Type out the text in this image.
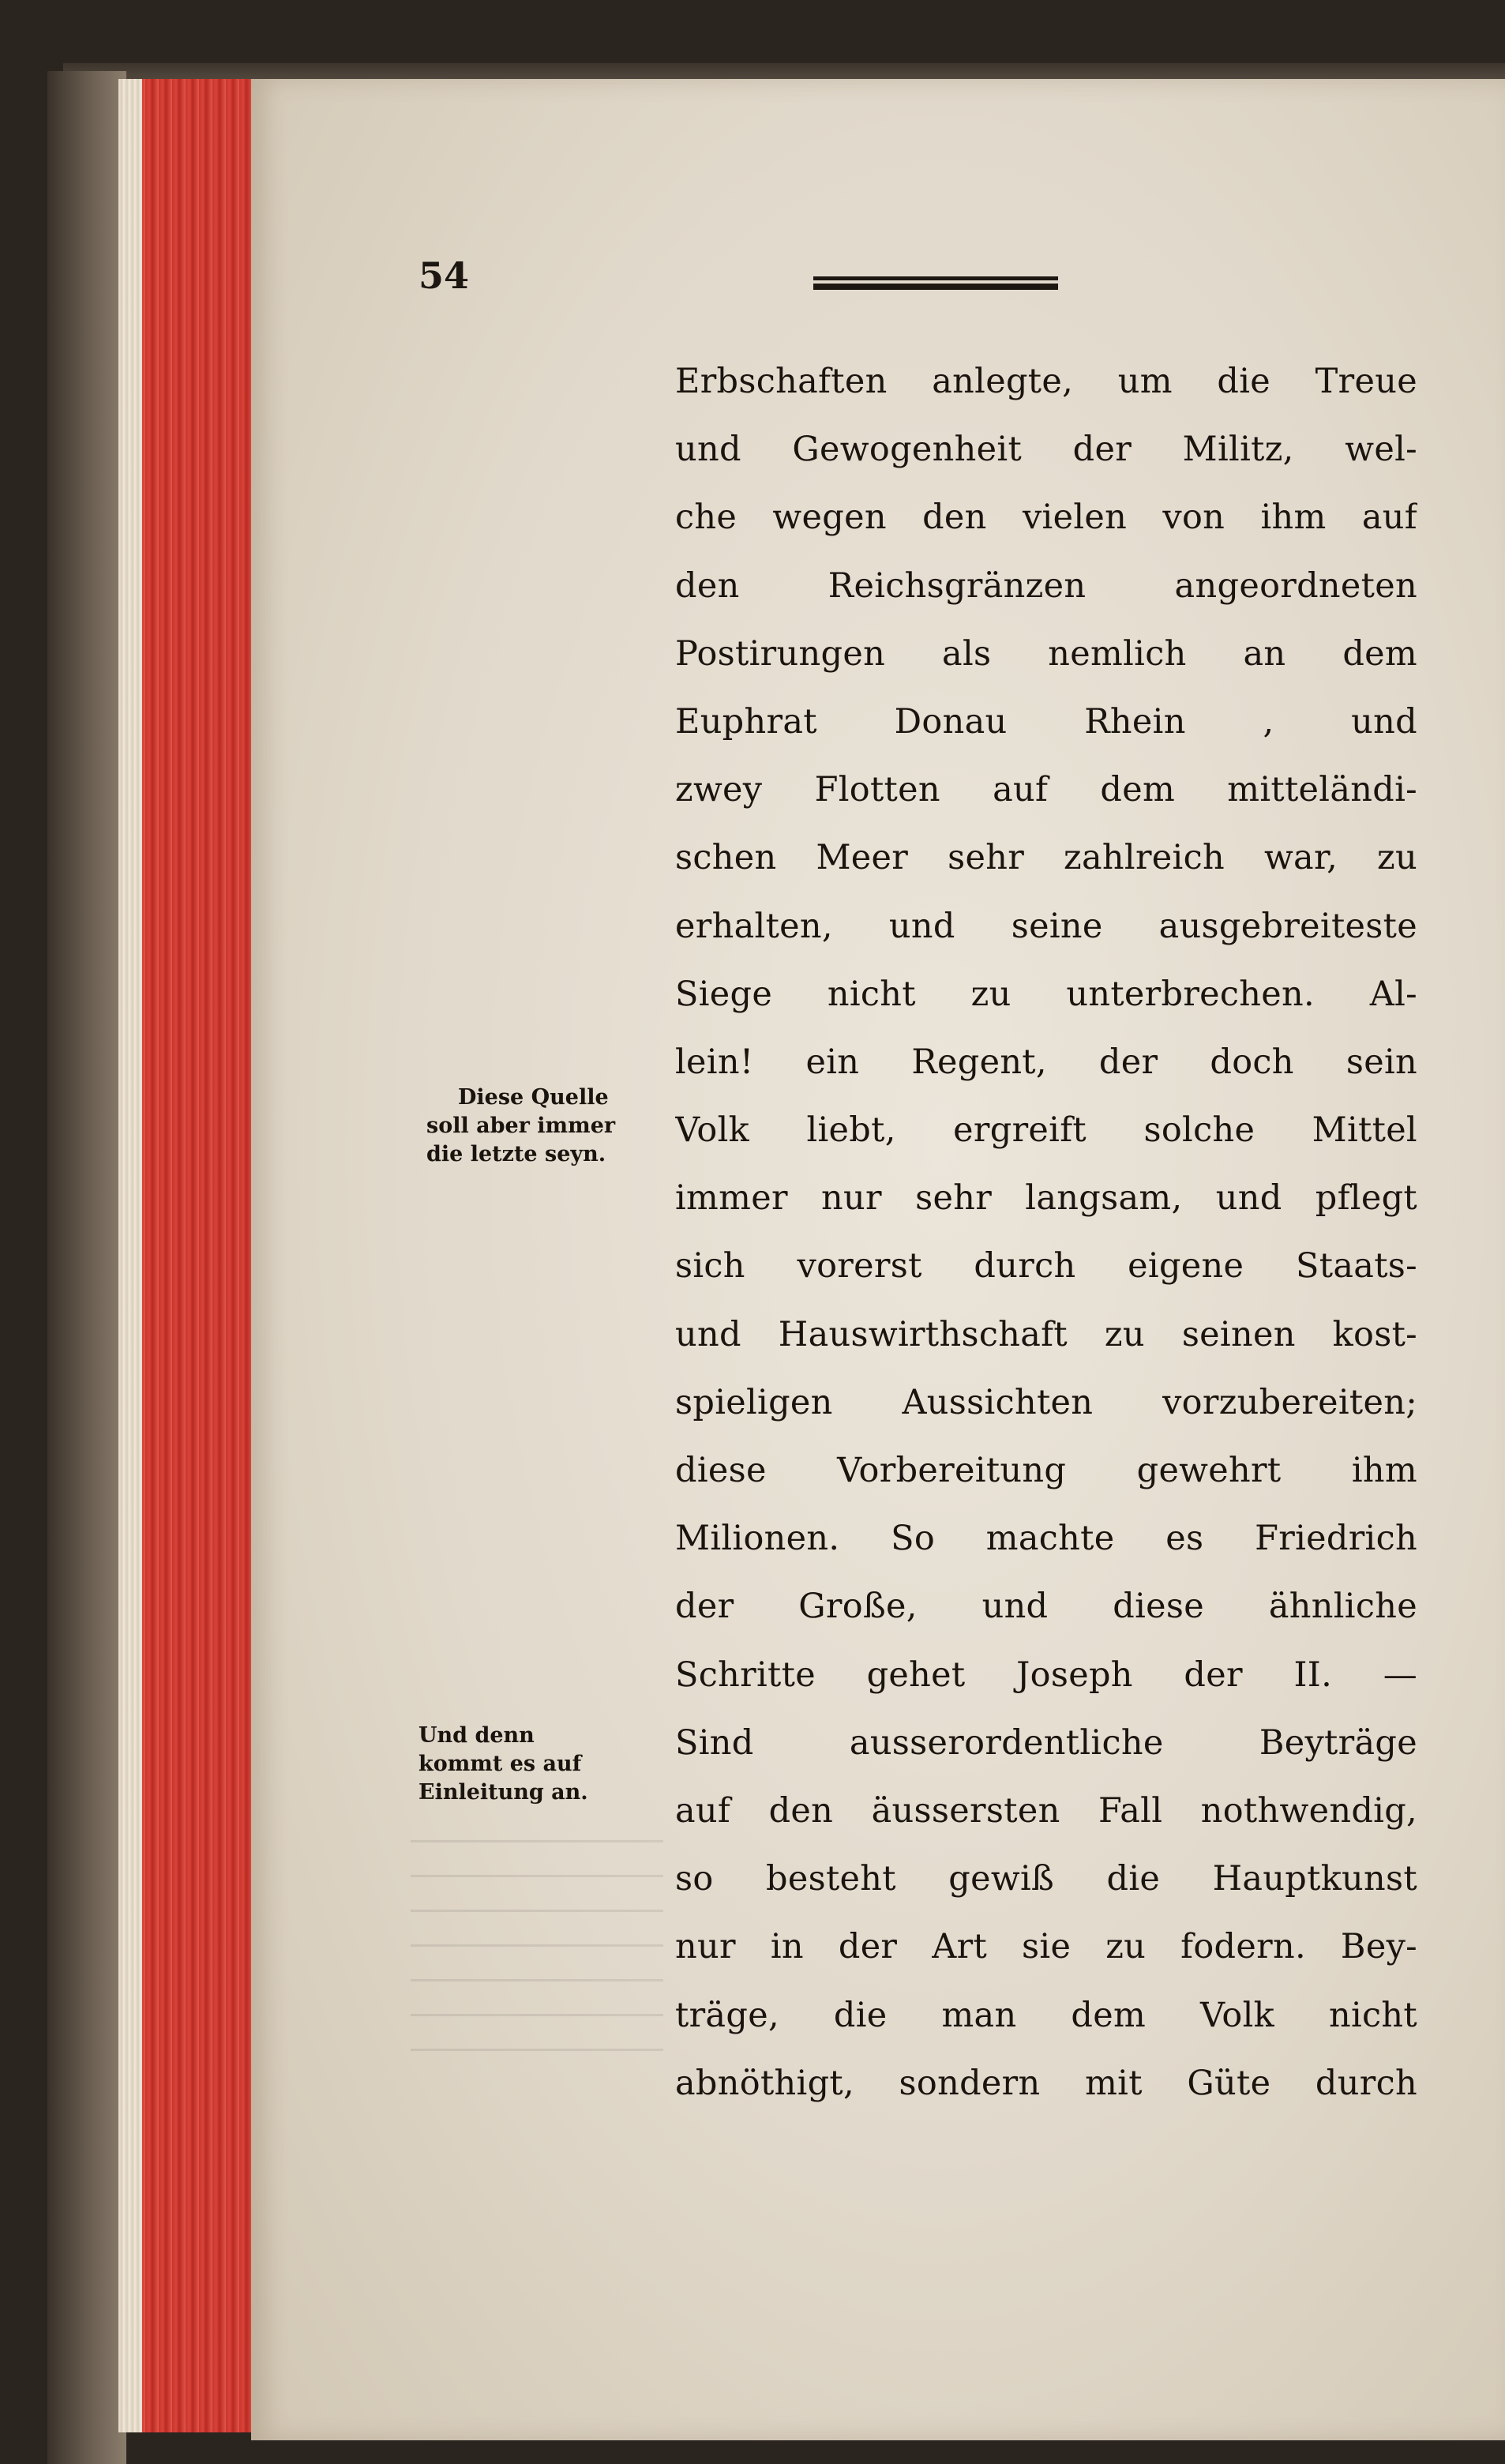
54

Diese Quelle
soll aber immer
die letzte seyn.
Und denn
kommt es auf
Einleitung an.
Erbschaften anlegte, um die Treue
und Gewogenheit der Militz, wel-
che wegen den vielen von ihm auf
den Reichsgränzen angeordneten
Postirungen als nemlich an dem
Euphrat Donau Rhein , und
zwey Flotten auf dem mitteländi-
schen Meer sehr zahlreich war, zu
erhalten, und seine ausgebreiteste
Siege nicht zu unterbrechen. Al-
lein! ein Regent, der doch sein
Volk liebt, ergreift solche Mittel
immer nur sehr langsam, und pflegt
sich vorerst durch eigene Staats-
und Hauswirthschaft zu seinen kost-
spieligen Aussichten vorzubereiten;
diese Vorbereitung gewehrt ihm
Milionen. So machte es Friedrich
der Große, und diese ähnliche
Schritte gehet Joseph der II. —
Sind ausserordentliche Beyträge
auf den äussersten Fall nothwendig,
so besteht gewiß die Hauptkunst
nur in der Art sie zu fodern. Bey-
träge, die man dem Volk nicht
abnöthigt, sondern mit Güte durch
